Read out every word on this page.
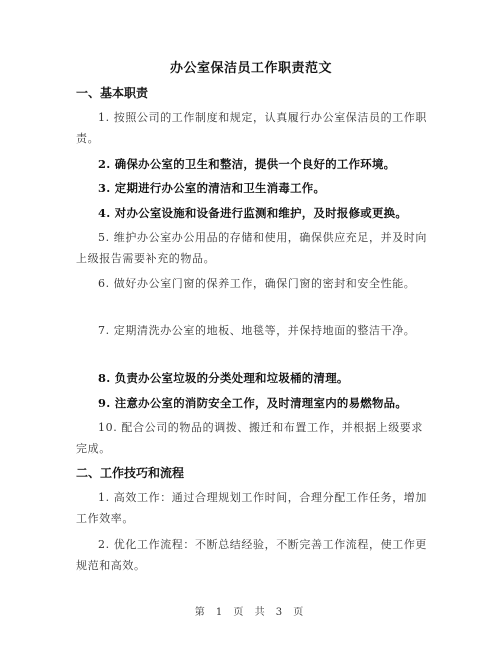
办公室保洁员工作职责范文
一、基本职责
1. 按照公司的工作制度和规定，认真履行办公室保洁员的工作职责。
2. 确保办公室的卫生和整洁，提供一个良好的工作环境。
3. 定期进行办公室的清洁和卫生消毒工作。
4. 对办公室设施和设备进行监测和维护，及时报修或更换。
5. 维护办公室办公用品的存储和使用，确保供应充足，并及时向上级报告需要补充的物品。
6. 做好办公室门窗的保养工作，确保门窗的密封和安全性能。
7. 定期清洗办公室的地板、地毯等，并保持地面的整洁干净。
8. 负责办公室垃圾的分类处理和垃圾桶的清理。
9. 注意办公室的消防安全工作，及时清理室内的易燃物品。
10. 配合公司的物品的调拨、搬迁和布置工作，并根据上级要求完成。
二、工作技巧和流程
1. 高效工作：通过合理规划工作时间，合理分配工作任务，增加工作效率。
2. 优化工作流程：不断总结经验，不断完善工作流程，使工作更规范和高效。
第 1 页 共 3 页
